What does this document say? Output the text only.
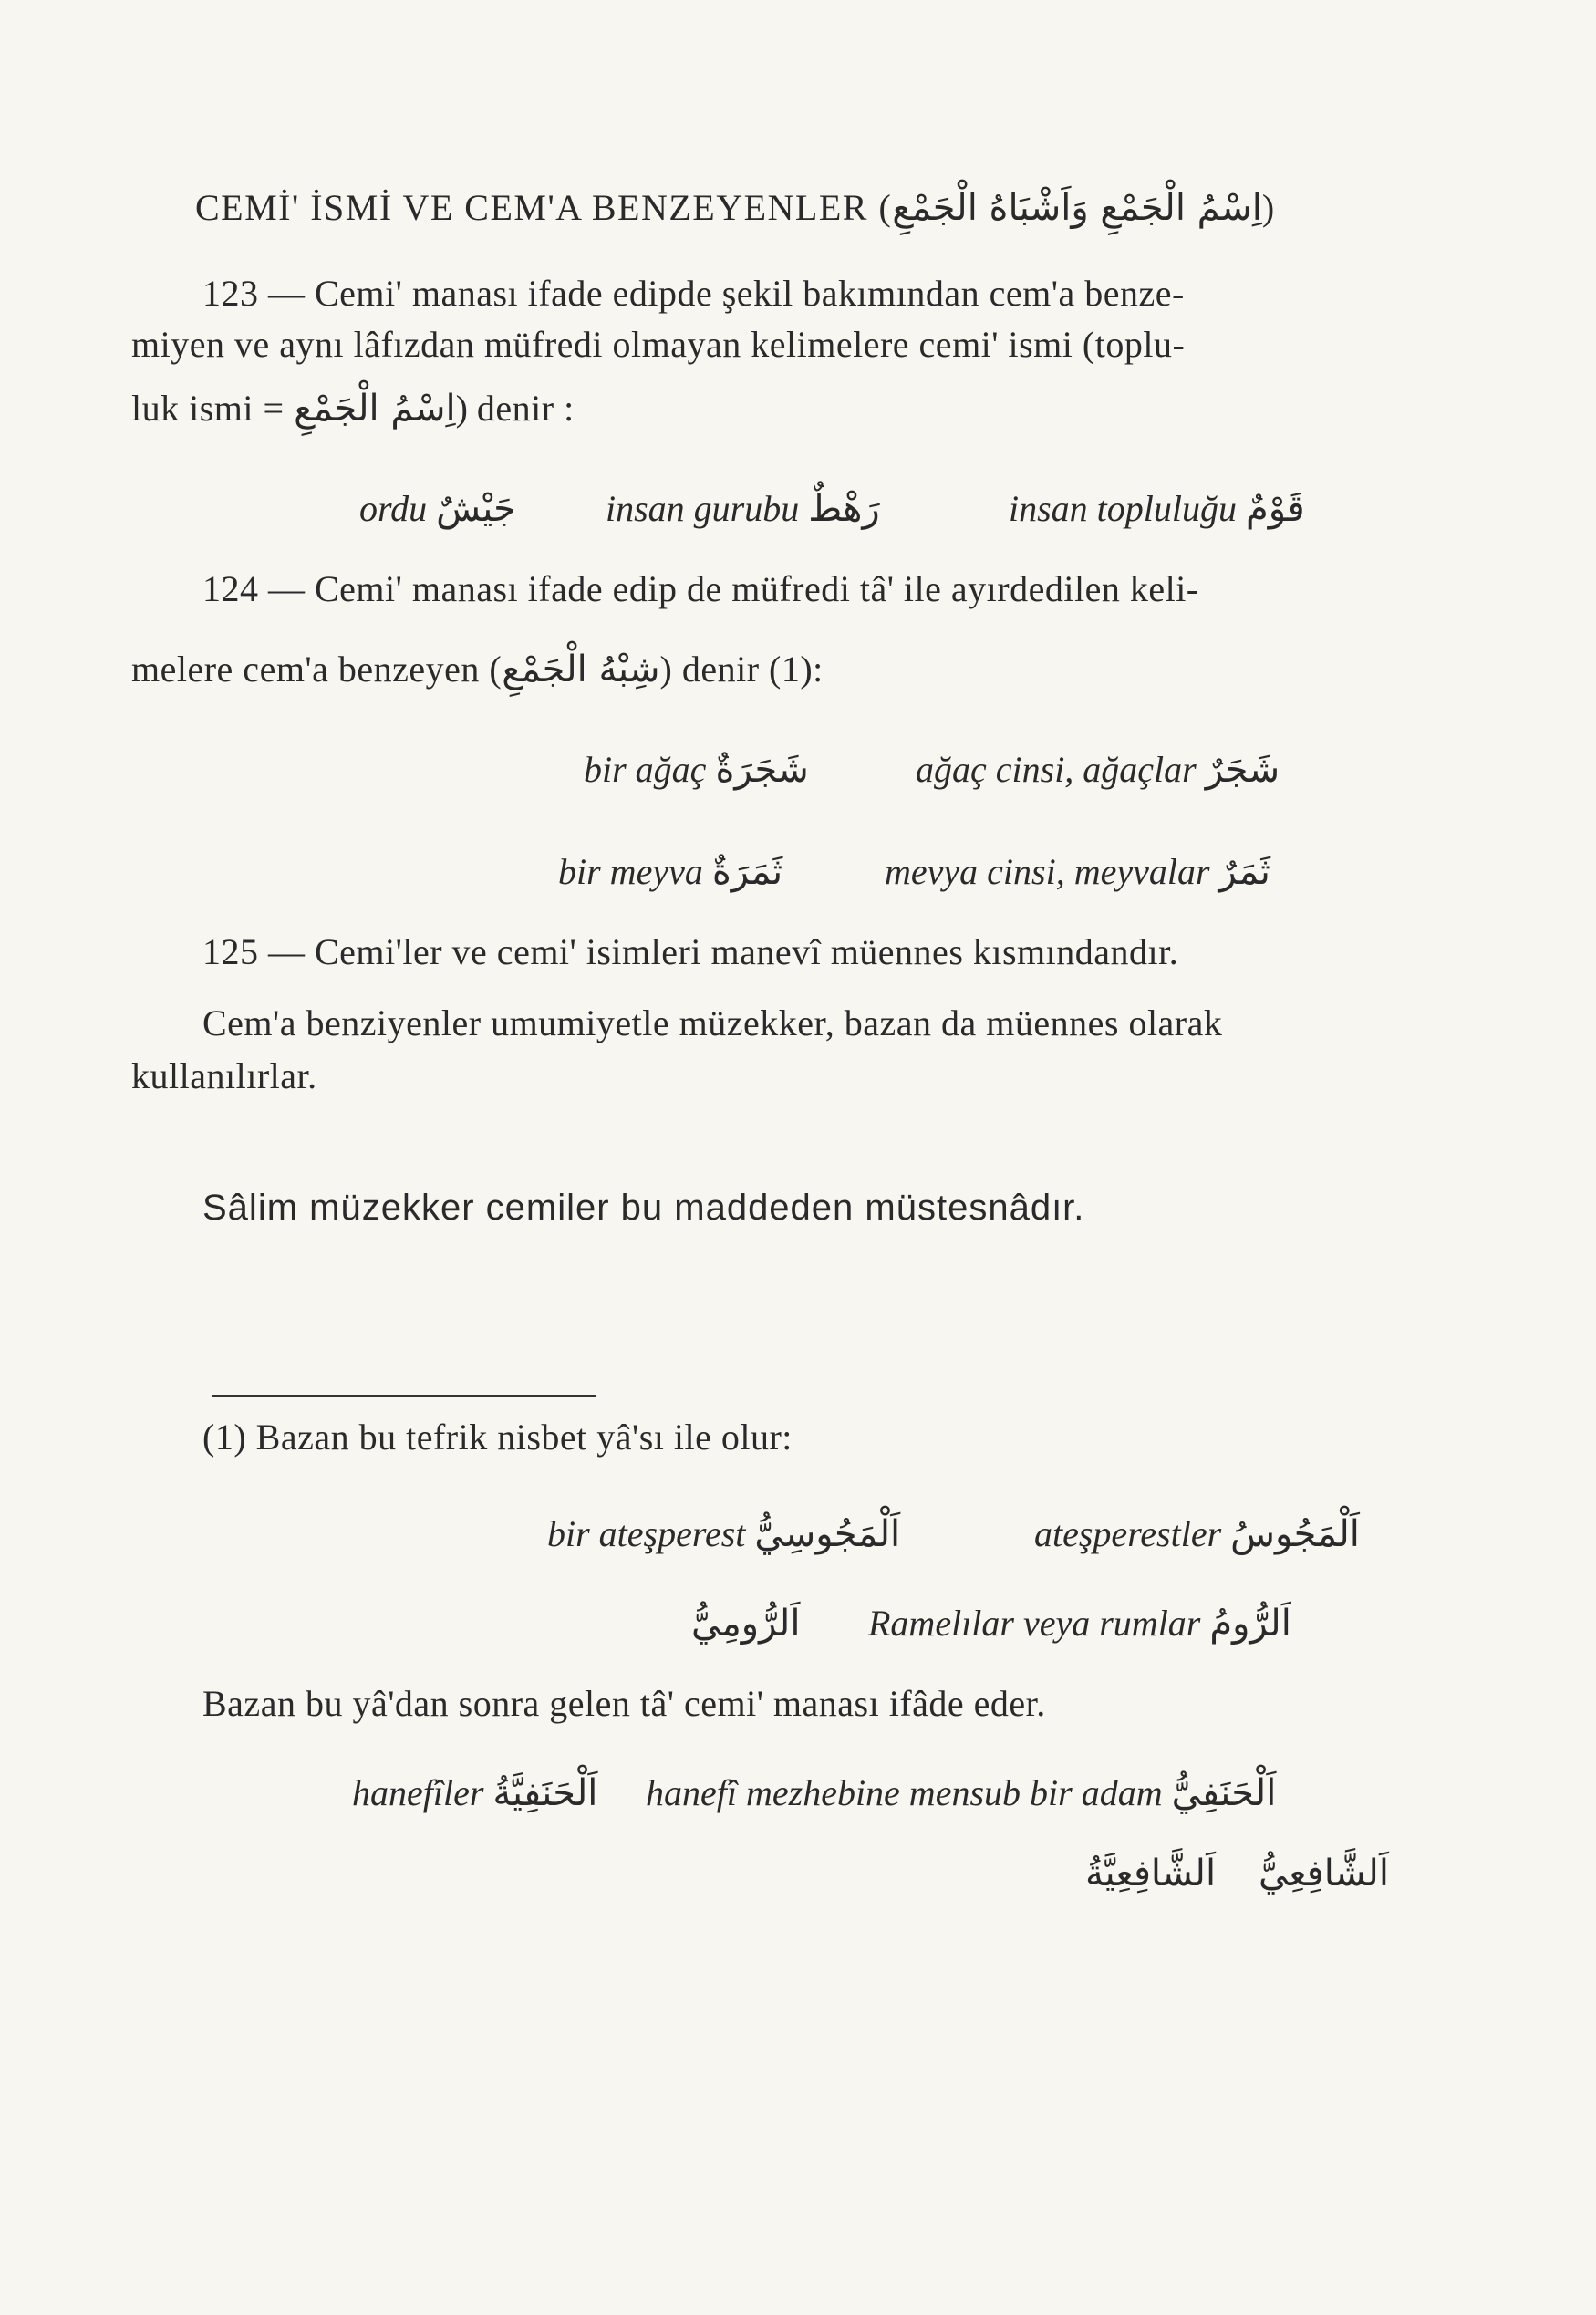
CEMİ' İSMİ VE CEM'A BENZEYENLER (اِسْمُ الْجَمْعِ وَاَشْبَاهُ الْجَمْعِ)
123 — Cemi' manası ifade edipde şekil bakımından cem'a benze-
miyen ve aynı lâfızdan müfredi olmayan kelimelere cemi' ismi (toplu-
luk ismi = اِسْمُ الْجَمْعِ) denir :
ordu جَيْشٌ insan gurubu رَهْطٌ	insan topluluğu قَوْمٌ
124 — Cemi' manası ifade edip de müfredi tâ' ile ayırdedilen keli-
melere cem'a benzeyen (شِبْهُ الْجَمْعِ) denir (1):
bir ağaç شَجَرَةٌ	ağaç cinsi, ağaçlar شَجَرٌ
bir meyva ثَمَرَةٌ	mevya cinsi, meyvalar ثَمَرٌ
125 — Cemi'ler ve cemi' isimleri manevî müennes kısmındandır.
Cem'a benziyenler umumiyetle müzekker, bazan da müennes olarak
kullanılırlar.
Sâlim müzekker cemiler bu maddeden müstesnâdır.
(1) Bazan bu tefrik nisbet yâ'sı ile olur:
bir ateşperest اَلْمَجُوسِيُّ	ateşperestler اَلْمَجُوسُ
اَلرُّومِيُّ Ramelılar veya rumlar اَلرُّومُ
Bazan bu yâ'dan sonra gelen tâ' cemi' manası ifâde eder.
hanefîler اَلْحَنَفِيَّةُ hanefî mezhebine mensub bir adam اَلْحَنَفِيُّ
اَلشَّافِعِيَّةُ اَلشَّافِعِيُّ
